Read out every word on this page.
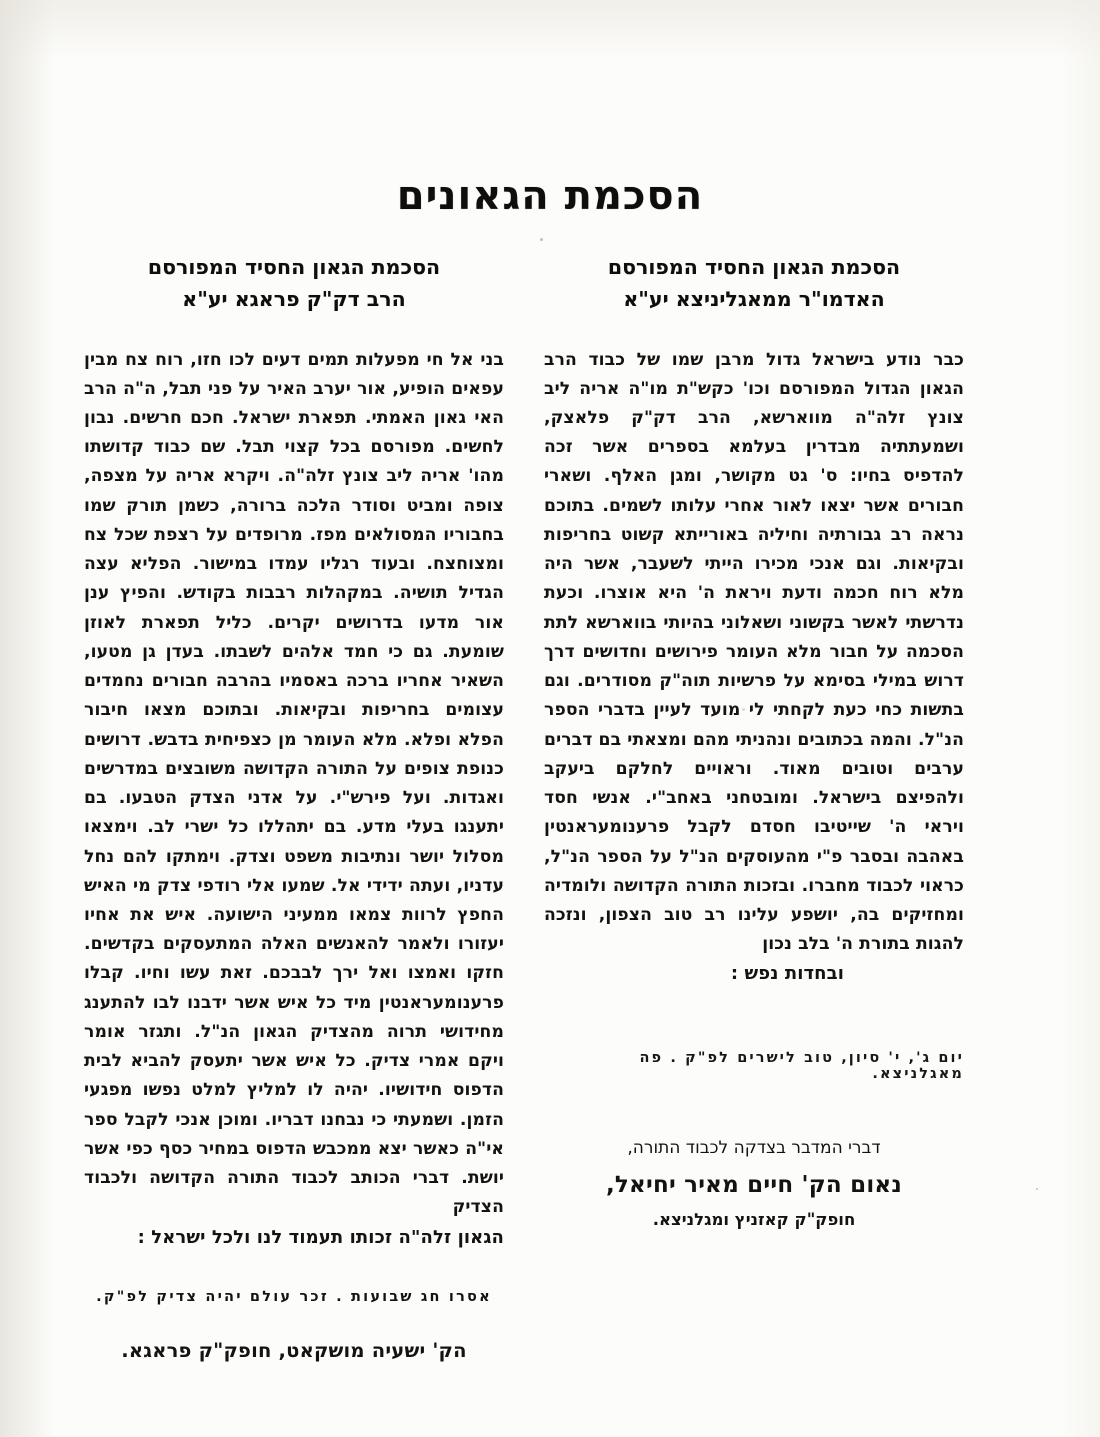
הסכמת הגאונים
הסכמת הגאון החסיד המפורסם
האדמו"ר ממאגליניצא יע"א

כבר נודע בישראל גדול מרבן שמו של כבוד הרב הגאון הגדול המפורסם וכו' כקש"ת מו"ה אריה ליב צונץ זלה"ה מווארשא, הרב דק"ק פלאצק, ושמעתתיה מבדרין בעלמא בספרים אשר זכה להדפיס בחיו: ס' גט מקושר, ומגן האלף. ושארי חבורים אשר יצאו לאור אחרי עלותו לשמים. בתוכם נראה רב גבורתיה וחיליה באורייתא קשוט בחריפות ובקיאות. וגם אנכי מכירו הייתי לשעבר, אשר היה מלא רוח חכמה ודעת ויראת ה' היא אוצרו. וכעת נדרשתי לאשר בקשוני ושאלוני בהיותי בווארשא לתת הסכמה על חבור מלא העומר פירושים וחדושים דרך דרוש במילי בסימא על פרשיות תוה"ק מסודרים. וגם בתשות כחי כעת לקחתי לי מועד לעיין בדברי הספר הנ"ל. והמה בכתובים ונהניתי מהם ומצאתי בם דברים ערבים וטובים מאוד. וראויים לחלקם ביעקב ולהפיצם בישראל. ומובטחני באחב"י. אנשי חסד ויראי ה' שייטיבו חסדם לקבל פרענומעראנטין באהבה ובסבר פ"י מהעוסקים הנ"ל על הספר הנ"ל, כראוי לכבוד מחברו. ובזכות התורה הקדושה ולומדיה ומחזיקים בה, יושפע עלינו רב טוב הצפון, ונזכה להגות בתורת ה' בלב נכון

ובחדות נפש :

יום ג', י' סיון, טוב לישרים לפ"ק . פה מאגלניצא.
דברי המדבר בצדקה לכבוד התורה,
נאום הק' חיים מאיר יחיאל,
חופק"ק קאזניץ ומגלניצא.
הסכמת הגאון החסיד המפורסם
הרב דק"ק פראגא יע"א

בני אל חי מפעלות תמים דעים לכו חזו, רוח צח מבין עפאים הופיע, אור יערב האיר על פני תבל, ה"ה הרב האי גאון האמתי. תפארת ישראל. חכם חרשים. נבון לחשים. מפורסם בכל קצוי תבל. שם כבוד קדושתו מהו' אריה ליב צונץ זלה"ה. ויקרא אריה על מצפה, צופה ומביט וסודר הלכה ברורה, כשמן תורק שמו בחבוריו המסולאים מפז. מרופדים על רצפת שכל צח ומצוחצח. ובעוד רגליו עמדו במישור. הפליא עצה הגדיל תושיה. במקהלות רבבות בקודש. והפיץ ענן אור מדעו בדרושים יקרים. כליל תפארת לאוזן שומעת. גם כי חמד אלהים לשבתו. בעדן גן מטעו, השאיר אחריו ברכה באסמיו בהרבה חבורים נחמדים עצומים בחריפות ובקיאות. ובתוכם מצאו חיבור הפלא ופלא. מלא העומר מן כצפיחית בדבש. דרושים כנופת צופים על התורה הקדושה משובצים במדרשים ואגדות. ועל פירש"י. על אדני הצדק הטבעו. בם יתענגו בעלי מדע. בם יתהללו כל ישרי לב. וימצאו מסלול יושר ונתיבות משפט וצדק. וימתקו להם נחל עדניו, ועתה ידידי אל. שמעו אלי רודפי צדק מי האיש החפץ לרוות צמאו ממעיני הישועה. איש את אחיו יעזורו ולאמר להאנשים האלה המתעסקים בקדשים. חזקו ואמצו ואל ירך לבבכם. זאת עשו וחיו. קבלו פרענומעראנטין מיד כל איש אשר ידבנו לבו להתענג מחידושי תרוה מהצדיק הגאון הנ"ל. ותגזר אומר ויקם אמרי צדיק. כל איש אשר יתעסק להביא לבית הדפוס חידושיו. יהיה לו למליץ למלט נפשו מפגעי הזמן. ושמעתי כי נבחנו דבריו. ומוכן אנכי לקבל ספר אי"ה כאשר יצא ממכבש הדפוס במחיר כסף כפי אשר יושת. דברי הכותב לכבוד התורה הקדושה ולכבוד הצדיק

הגאון זלה"ה זכותו תעמוד לנו ולכל ישראל :

אסרו חג שבועות . זכר עולם יהיה צדיק לפ"ק.
הק' ישעיה מושקאט, חופק"ק פראגא.
